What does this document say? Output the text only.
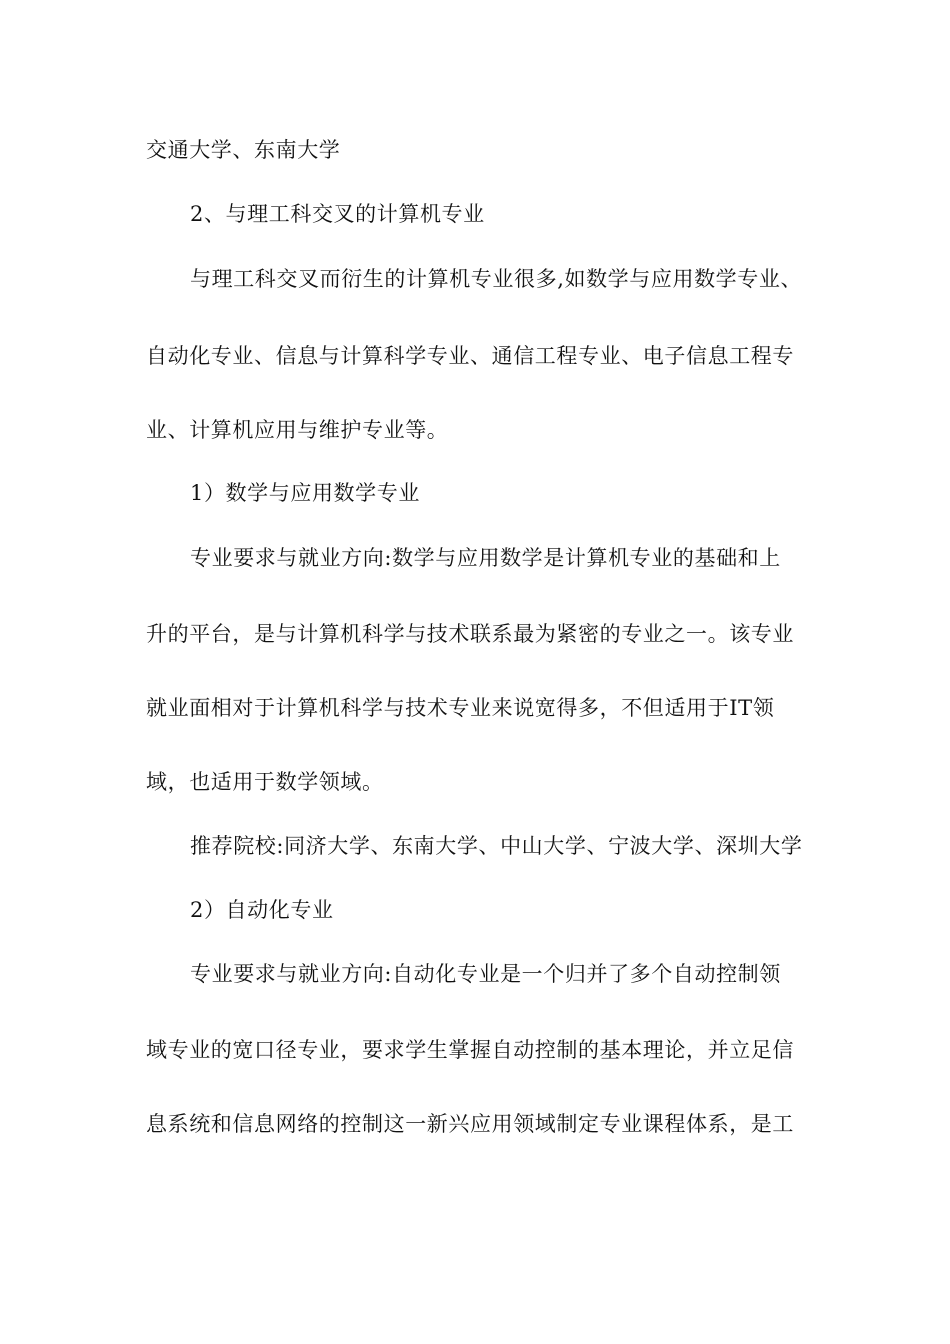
交通大学、东南大学
2、与理工科交叉的计算机专业
与理工科交叉而衍生的计算机专业很多,如数学与应用数学专业、
自动化专业、信息与计算科学专业、通信工程专业、电子信息工程专
业、计算机应用与维护专业等。
1）数学与应用数学专业
专业要求与就业方向:数学与应用数学是计算机专业的基础和上
升的平台，是与计算机科学与技术联系最为紧密的专业之一。该专业
就业面相对于计算机科学与技术专业来说宽得多，不但适用于IT领
域，也适用于数学领域。
推荐院校:同济大学、东南大学、中山大学、宁波大学、深圳大学
2）自动化专业
专业要求与就业方向:自动化专业是一个归并了多个自动控制领
域专业的宽口径专业，要求学生掌握自动控制的基本理论，并立足信
息系统和信息网络的控制这一新兴应用领域制定专业课程体系，是工
